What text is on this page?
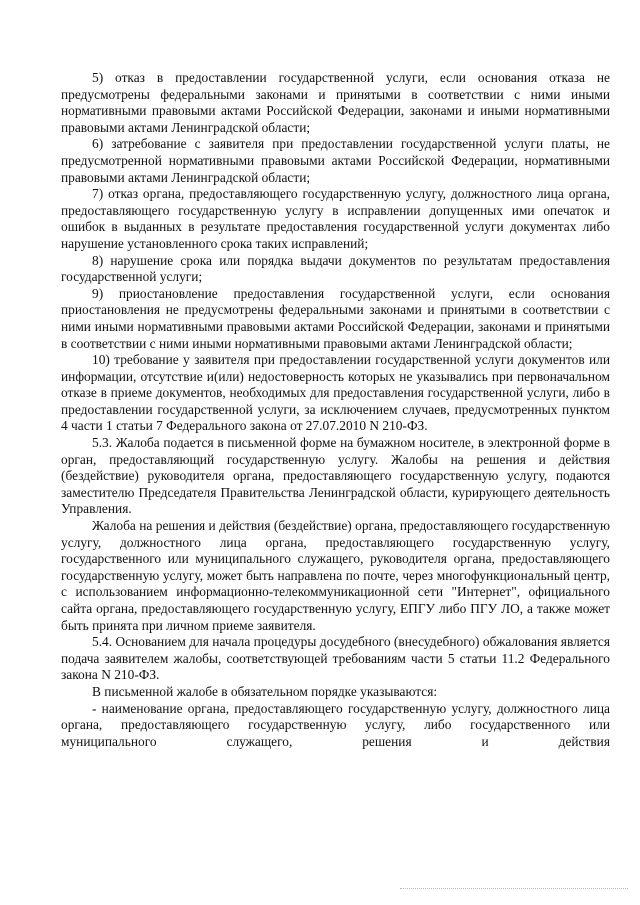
5) отказ в предоставлении государственной услуги, если основания отказа не предусмотрены федеральными законами и принятыми в соответствии с ними иными нормативными правовыми актами Российской Федерации, законами и иными нормативными правовыми актами Ленинградской области;

6) затребование с заявителя при предоставлении государственной услуги платы, не предусмотренной нормативными правовыми актами Российской Федерации, нормативными правовыми актами Ленинградской области;

7) отказ органа, предоставляющего государственную услугу, должностного лица органа, предоставляющего государственную услугу в исправлении допущенных ими опечаток и ошибок в выданных в результате предоставления государственной услуги документах либо нарушение установленного срока таких исправлений;

8) нарушение срока или порядка выдачи документов по результатам предоставления государственной услуги;

9) приостановление предоставления государственной услуги, если основания приостановления не предусмотрены федеральными законами и принятыми в соответствии с ними иными нормативными правовыми актами Российской Федерации, законами и принятыми в соответствии с ними иными нормативными правовыми актами Ленинградской области;

10) требование у заявителя при предоставлении государственной услуги документов или информации, отсутствие и(или) недостоверность которых не указывались при первоначальном отказе в приеме документов, необходимых для предоставления государственной услуги, либо в предоставлении государственной услуги, за исключением случаев, предусмотренных пунктом 4 части 1 статьи 7 Федерального закона от 27.07.2010 N 210-ФЗ.

5.3. Жалоба подается в письменной форме на бумажном носителе, в электронной форме в орган, предоставляющий государственную услугу. Жалобы на решения и действия (бездействие) руководителя органа, предоставляющего государственную услугу, подаются заместителю Председателя Правительства Ленинградской области, курирующего деятельность Управления.

Жалоба на решения и действия (бездействие) органа, предоставляющего государственную услугу, должностного лица органа, предоставляющего государственную услугу, государственного или муниципального служащего, руководителя органа, предоставляющего государственную услугу, может быть направлена по почте, через многофункциональный центр, с использованием информационно-телекоммуникационной сети "Интернет", официального сайта органа, предоставляющего государственную услугу, ЕПГУ либо ПГУ ЛО, а также может быть принята при личном приеме заявителя.

5.4. Основанием для начала процедуры досудебного (внесудебного) обжалования является подача заявителем жалобы, соответствующей требованиям части 5 статьи 11.2 Федерального закона N 210-ФЗ.

В письменной жалобе в обязательном порядке указываются:

- наименование органа, предоставляющего государственную услугу, должностного лица органа, предоставляющего государственную услугу, либо государственного или муниципального служащего, решения и действия
